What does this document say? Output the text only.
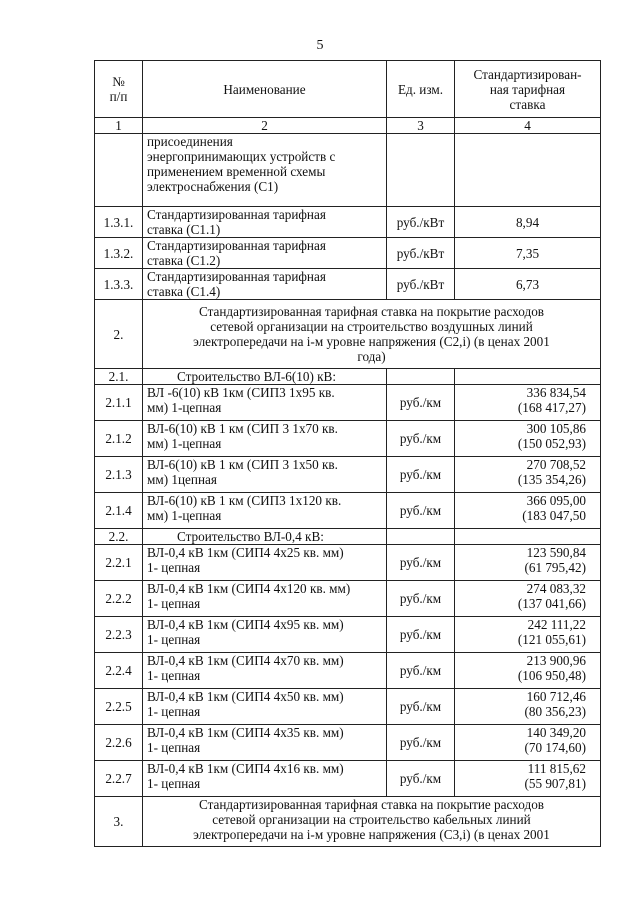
5
№
п/п	Наименование	Ед. изм.	Стандартизирован-
ная тарифная
ставка
1	2	3	4
	присоединения
энергопринимающих устройств с
применением временной схемы
электроснабжения (С1)		
1.3.1.	Стандартизированная тарифная
ставка (С1.1)	руб./кВт	8,94
1.3.2.	Стандартизированная тарифная
ставка (С1.2)	руб./кВт	7,35
1.3.3.	Стандартизированная тарифная
ставка (С1.4)	руб./кВт	6,73
2.	Стандартизированная тарифная ставка на покрытие расходов
сетевой организации на строительство воздушных линий
электропередачи на i-м уровне напряжения (С2,i) (в ценах 2001
года)		
2.1.	Строительство ВЛ-6(10) кВ:		
2.1.1	ВЛ -6(10) кВ 1км (СИП3 1х95 кв.
мм) 1-цепная	руб./км	336 834,54
(168 417,27)

2.1.2	ВЛ-6(10) кВ 1 км (СИП 3 1х70 кв.
мм) 1-цепная	руб./км	300 105,86
(150 052,93)

2.1.3	ВЛ-6(10) кВ 1 км (СИП 3 1х50 кв.
мм) 1цепная	руб./км	270 708,52
(135 354,26)

2.1.4	ВЛ-6(10) кВ 1 км (СИП3 1х120 кв.
мм) 1-цепная	руб./км	366 095,00
(183 047,50

2.2.	Строительство ВЛ-0,4 кВ:		
2.2.1	ВЛ-0,4 кВ 1км (СИП4 4х25 кв. мм)
1- цепная	руб./км	123 590,84
(61 795,42)

2.2.2	ВЛ-0,4 кВ 1км (СИП4 4х120 кв. мм)
1- цепная	руб./км	274 083,32
(137 041,66)

2.2.3	ВЛ-0,4 кВ 1км (СИП4 4х95 кв. мм)
1- цепная	руб./км	242 111,22
(121 055,61)

2.2.4	ВЛ-0,4 кВ 1км (СИП4 4х70 кв. мм)
1- цепная	руб./км	213 900,96
(106 950,48)

2.2.5	ВЛ-0,4 кВ 1км (СИП4 4х50 кв. мм)
1- цепная	руб./км	160 712,46
(80 356,23)

2.2.6	ВЛ-0,4 кВ 1км (СИП4 4х35 кв. мм)
1- цепная	руб./км	140 349,20
(70 174,60)

2.2.7	ВЛ-0,4 кВ 1км (СИП4 4х16 кв. мм)
1- цепная	руб./км	111 815,62
(55 907,81)

3.	Стандартизированная тарифная ставка на покрытие расходов
сетевой организации на строительство кабельных линий
электропередачи на i-м уровне напряжения (С3,i) (в ценах 2001		
